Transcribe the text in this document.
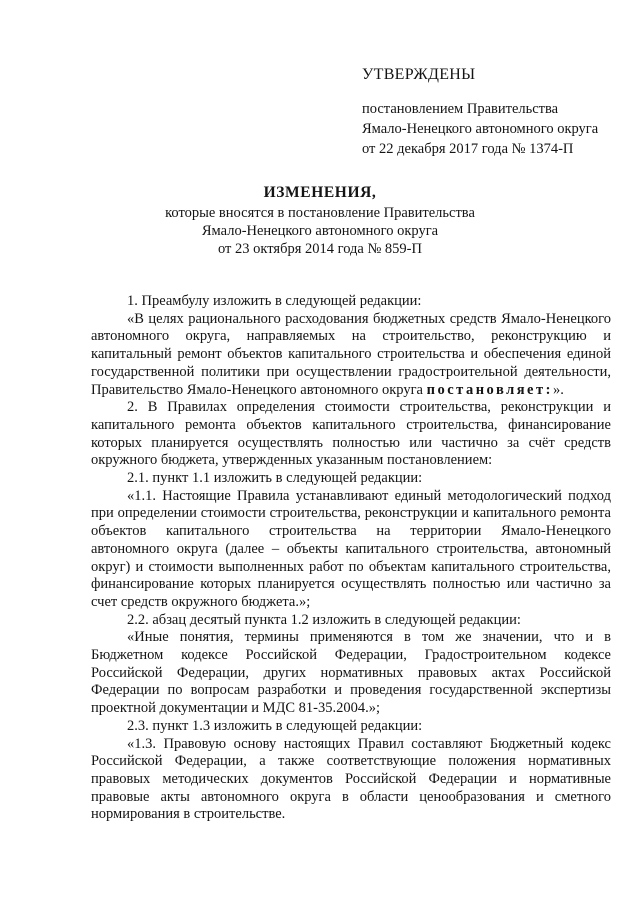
УТВЕРЖДЕНЫ
постановлением Правительства
Ямало-Ненецкого автономного округа
от 22 декабря 2017 года № 1374-П
ИЗМЕНЕНИЯ,
которые вносятся в постановление Правительства
Ямало-Ненецкого автономного округа
от 23 октября 2014 года № 859-П

1. Преамбулу изложить в следующей редакции:

«В целях рационального расходования бюджетных средств Ямало-Ненецкого автономного округа, направляемых на строительство, реконструкцию и капитальный ремонт объектов капитального строительства и обеспечения единой государственной политики при осуществлении градостроительной деятельности, Правительство Ямало-Ненецкого автономного округа постановляет:».

2. В Правилах определения стоимости строительства, реконструкции и капитального ремонта объектов капитального строительства, финансирование которых планируется осуществлять полностью или частично за счёт средств окружного бюджета, утвержденных указанным постановлением:

2.1. пункт 1.1 изложить в следующей редакции:

«1.1. Настоящие Правила устанавливают единый методологический подход при определении стоимости строительства, реконструкции и капитального ремонта объектов капитального строительства на территории Ямало-Ненецкого автономного округа (далее – объекты капитального строительства, автономный округ) и стоимости выполненных работ по объектам капитального строительства, финансирование которых планируется осуществлять полностью или частично за счет средств окружного бюджета.»;

2.2. абзац десятый пункта 1.2 изложить в следующей редакции:

«Иные понятия, термины применяются в том же значении, что и в Бюджетном кодексе Российской Федерации, Градостроительном кодексе Российской Федерации, других нормативных правовых актах Российской Федерации по вопросам разработки и проведения государственной экспертизы проектной документации и МДС 81-35.2004.»;

2.3. пункт 1.3 изложить в следующей редакции:

«1.3. Правовую основу настоящих Правил составляют Бюджетный кодекс Российской Федерации, а также соответствующие положения нормативных правовых методических документов Российской Федерации и нормативные правовые акты автономного округа в области ценообразования и сметного нормирования в строительстве.
